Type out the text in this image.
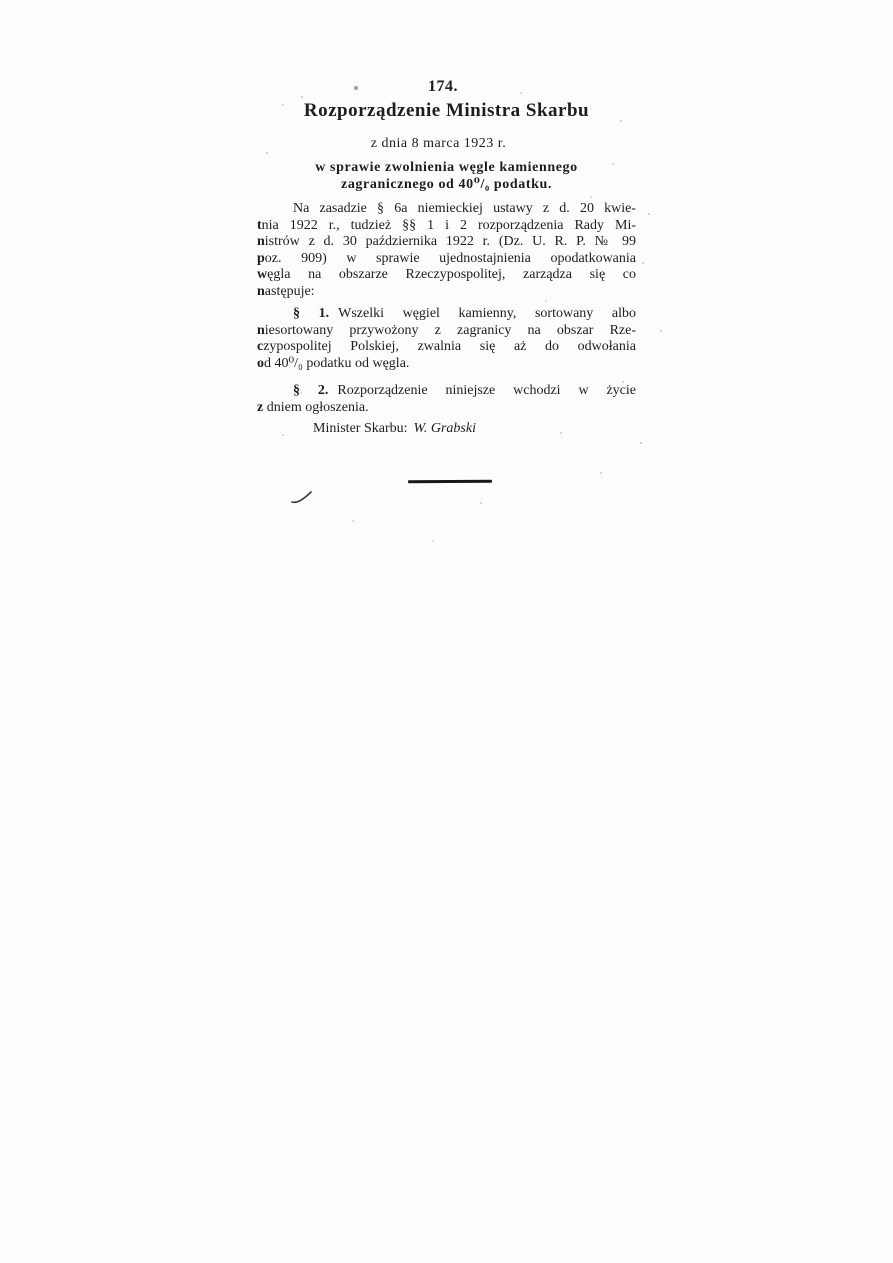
174.
Rozporządzenie Ministra Skarbu
z dnia 8 marca 1923 r.
w sprawie zwolnienia węgle kamiennego
zagranicznego od 40⁰/₀ podatku.
Na zasadzie § 6a niemieckiej ustawy z d. 20 kwie-
tnia 1922 r., tudzież §§ 1 i 2 rozporządzenia Rady Mi-
nistrów z d. 30 października 1922 r. (Dz. U. R. P. № 99
poz. 909) w sprawie ujednostajnienia opodatkowania
węgla na obszarze Rzeczypospolitej, zarządza się co
następuje:
§ 1. Wszelki węgiel kamienny, sortowany albo
niesortowany przywożony z zagranicy na obszar Rze-
czypospolitej Polskiej, zwalnia się aż do odwołania
od 40⁰/₀ podatku od węgla.
§ 2. Rozporządzenie niniejsze wchodzi w życie
z dniem ogłoszenia.
Minister Skarbu: W. Grabski
